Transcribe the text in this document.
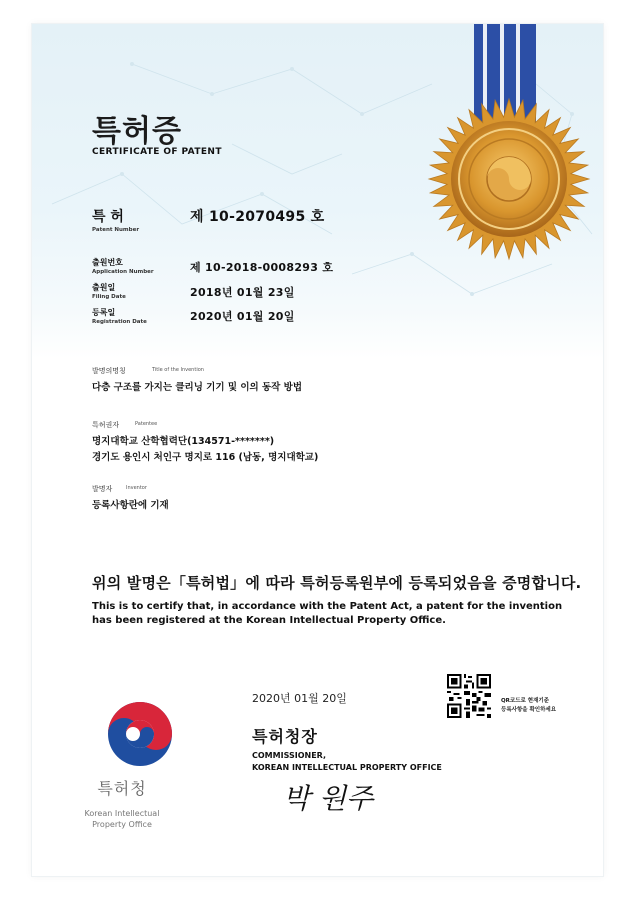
특허증
CERTIFICATE OF PATENT
특 허
Patent Number
제 10-2070495 호
출원번호
Application Number	제 10-2018-0008293 호
출원일
Filing Date	2018년 01월 23일
등록일
Registration Date	2020년 01월 20일
발명의명칭	Title of the Invention
다층 구조를 가지는 클리닝 기기 및 이의 동작 방법
특허권자	Patentee
명지대학교 산학협력단(134571-*******)
경기도 용인시 처인구 명지로 116 (남동, 명지대학교)
발명자	Inventor
등록사항란에 기재
위의 발명은「특허법」에 따라 특허등록원부에 등록되었음을 증명합니다.
This is to certify that, in accordance with the Patent Act, a patent for the invention
has been registered at the Korean Intellectual Property Office.
2020년 01월 20일	QR코드로 현재기준
등록사항을 확인하세요
특허청장
COMMISSIONER,
KOREAN INTELLECTUAL PROPERTY OFFICE
박 원주
특허청
Korean Intellectual
Property Office
